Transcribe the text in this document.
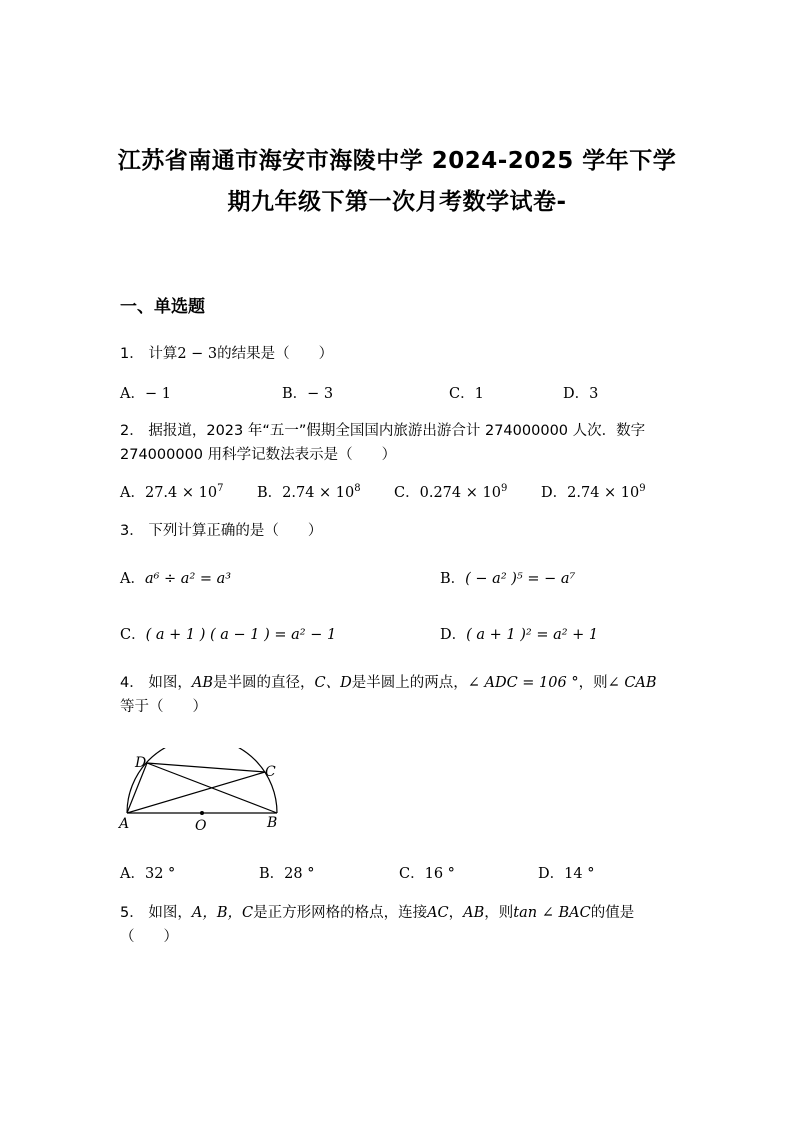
江苏省南通市海安市海陵中学 2024-2025 学年下学
期九年级下第一次月考数学试卷-
一、单选题
1． 计算2 − 3的结果是（　　）
A．− 1	B．− 3	C．1	D．3
2． 据报道，2023 年“五一”假期全国国内旅游出游合计 274000000 人次．数字
274000000 用科学记数法表示是（　　）
A．$27.4 \times 10^7$ B．$2.74 \times 10^8$ C．$0.274 \times 10^9$ D．$2.74 \times 10^9$
3． 下列计算正确的是（　　）
A．a⁶ ÷ a² = a³	B．( − a² )⁵ = − a⁷
C．( a + 1 ) ( a − 1 ) = a² − 1	D．( a + 1 )² = a² + 1
4． 如图，AB是半圆的直径，C、D是半圆上的两点，∠ ADC = 106 °，则∠ CAB
等于（　　）
D
C
A	O	B
A．32 °	B．28 °	C．16 °	D．14 °
5． 如图，A，B，C是正方形网格的格点，连接AC，AB，则tan ∠ BAC的值是
（　　）
